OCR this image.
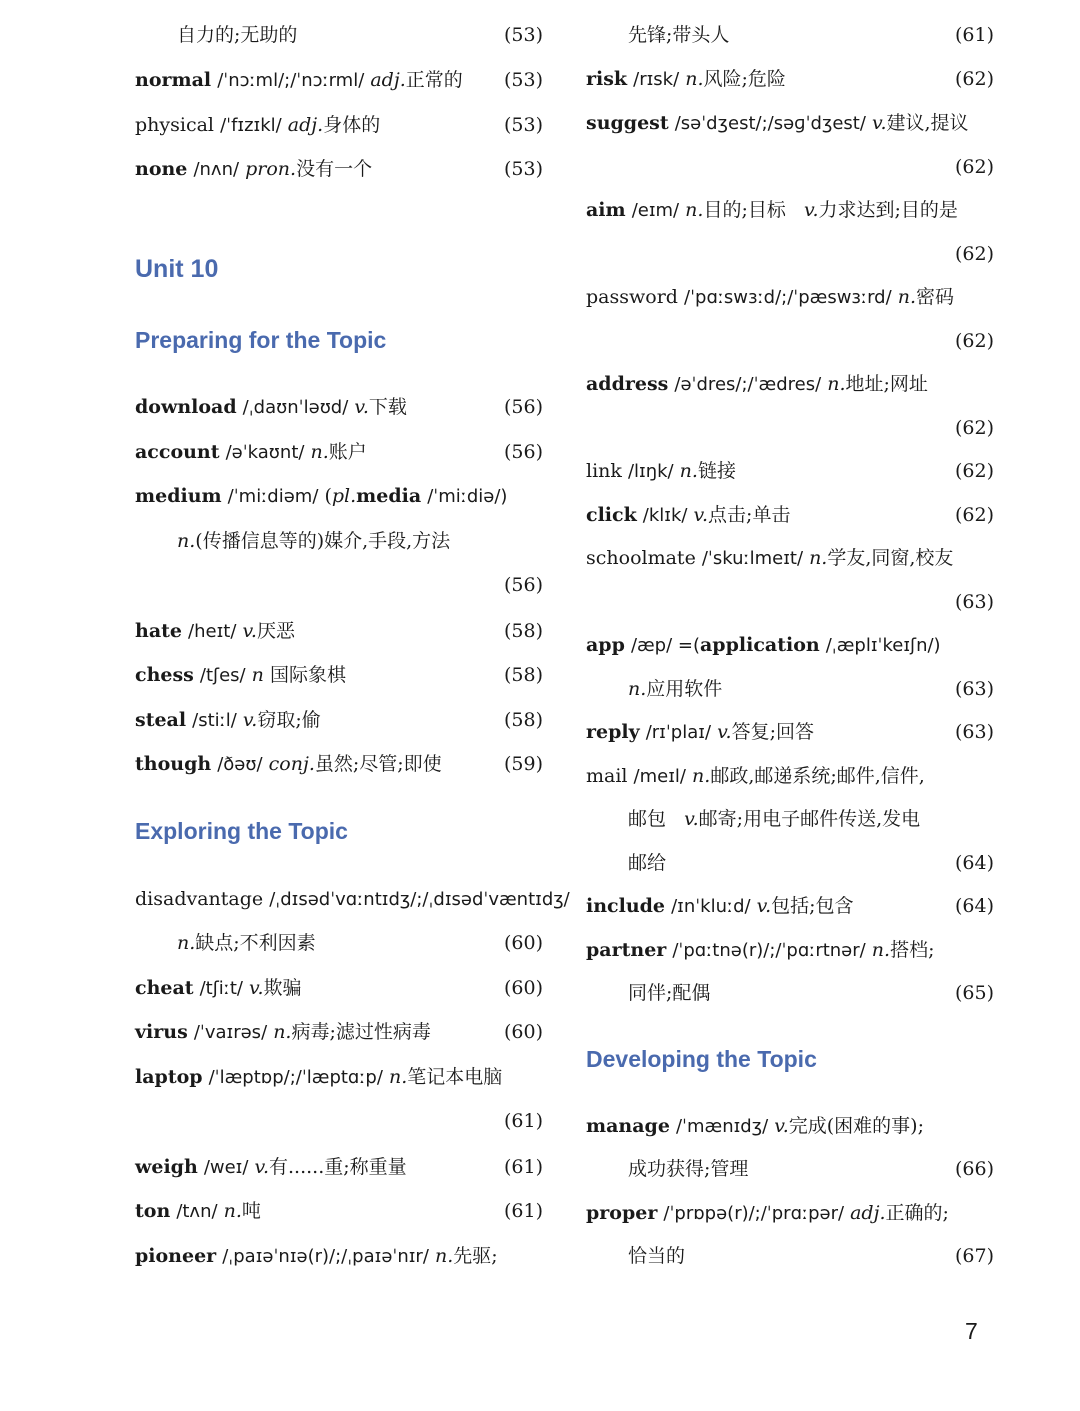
自力的;无助的	(53)
normal /ˈnɔːml/;/ˈnɔːrml/ adj.正常的 (53)
physical /ˈfɪzɪkl/ adj.身体的	(53)
none /nʌn/ pron.没有一个	(53)
Unit 10
Preparing for the Topic
download /ˌdaʊnˈləʊd/ v.下载	(56)
account /əˈkaʊnt/ n.账户	(56)
medium /ˈmiːdiəm/ (pl.media /ˈmiːdiə/)
n.(传播信息等的)媒介,手段,方法
(56)
hate /heɪt/ v.厌恶	(58)
chess /tʃes/ n 国际象棋	(58)
steal /stiːl/ v.窃取;偷	(58)
though /ðəʊ/ conj.虽然;尽管;即使	(59)
Exploring the Topic
disadvantage /ˌdɪsədˈvɑːntɪdʒ/;/ˌdɪsədˈvæntɪdʒ/
n.缺点;不利因素	(60)
cheat /tʃiːt/ v.欺骗	(60)
virus /ˈvaɪrəs/ n.病毒;滤过性病毒	(60)
laptop /ˈlæptɒp/;/ˈlæptɑːp/ n.笔记本电脑
(61)
weigh /weɪ/ v.有......重;称重量	(61)
ton /tʌn/ n.吨	(61)
pioneer /ˌpaɪəˈnɪə(r)/;/ˌpaɪəˈnɪr/ n.先驱;
先锋;带头人	(61)
risk /rɪsk/ n.风险;危险	(62)
suggest /səˈdʒest/;/səɡˈdʒest/ v.建议,提议
(62)
aim /eɪm/ n.目的;目标 v.力求达到;目的是
(62)
password /ˈpɑːswɜːd/;/ˈpæswɜːrd/ n.密码
(62)
address /əˈdres/;/ˈædres/ n.地址;网址
(62)
link /lɪŋk/ n.链接	(62)
click /klɪk/ v.点击;单击	(62)
schoolmate /ˈskuːlmeɪt/ n.学友,同窗,校友
(63)
app /æp/ =(application /ˌæplɪˈkeɪʃn/)
n.应用软件	(63)
reply /rɪˈplaɪ/ v.答复;回答	(63)
mail /meɪl/ n.邮政,邮递系统;邮件,信件,
邮包 v.邮寄;用电子邮件传送,发电
邮给	(64)
include /ɪnˈkluːd/ v.包括;包含	(64)
partner /ˈpɑːtnə(r)/;/ˈpɑːrtnər/ n.搭档;
同伴;配偶	(65)
Developing the Topic
manage /ˈmænɪdʒ/ v.完成(困难的事);
成功获得;管理	(66)
proper /ˈprɒpə(r)/;/ˈprɑːpər/ adj.正确的;
恰当的	(67)
7
